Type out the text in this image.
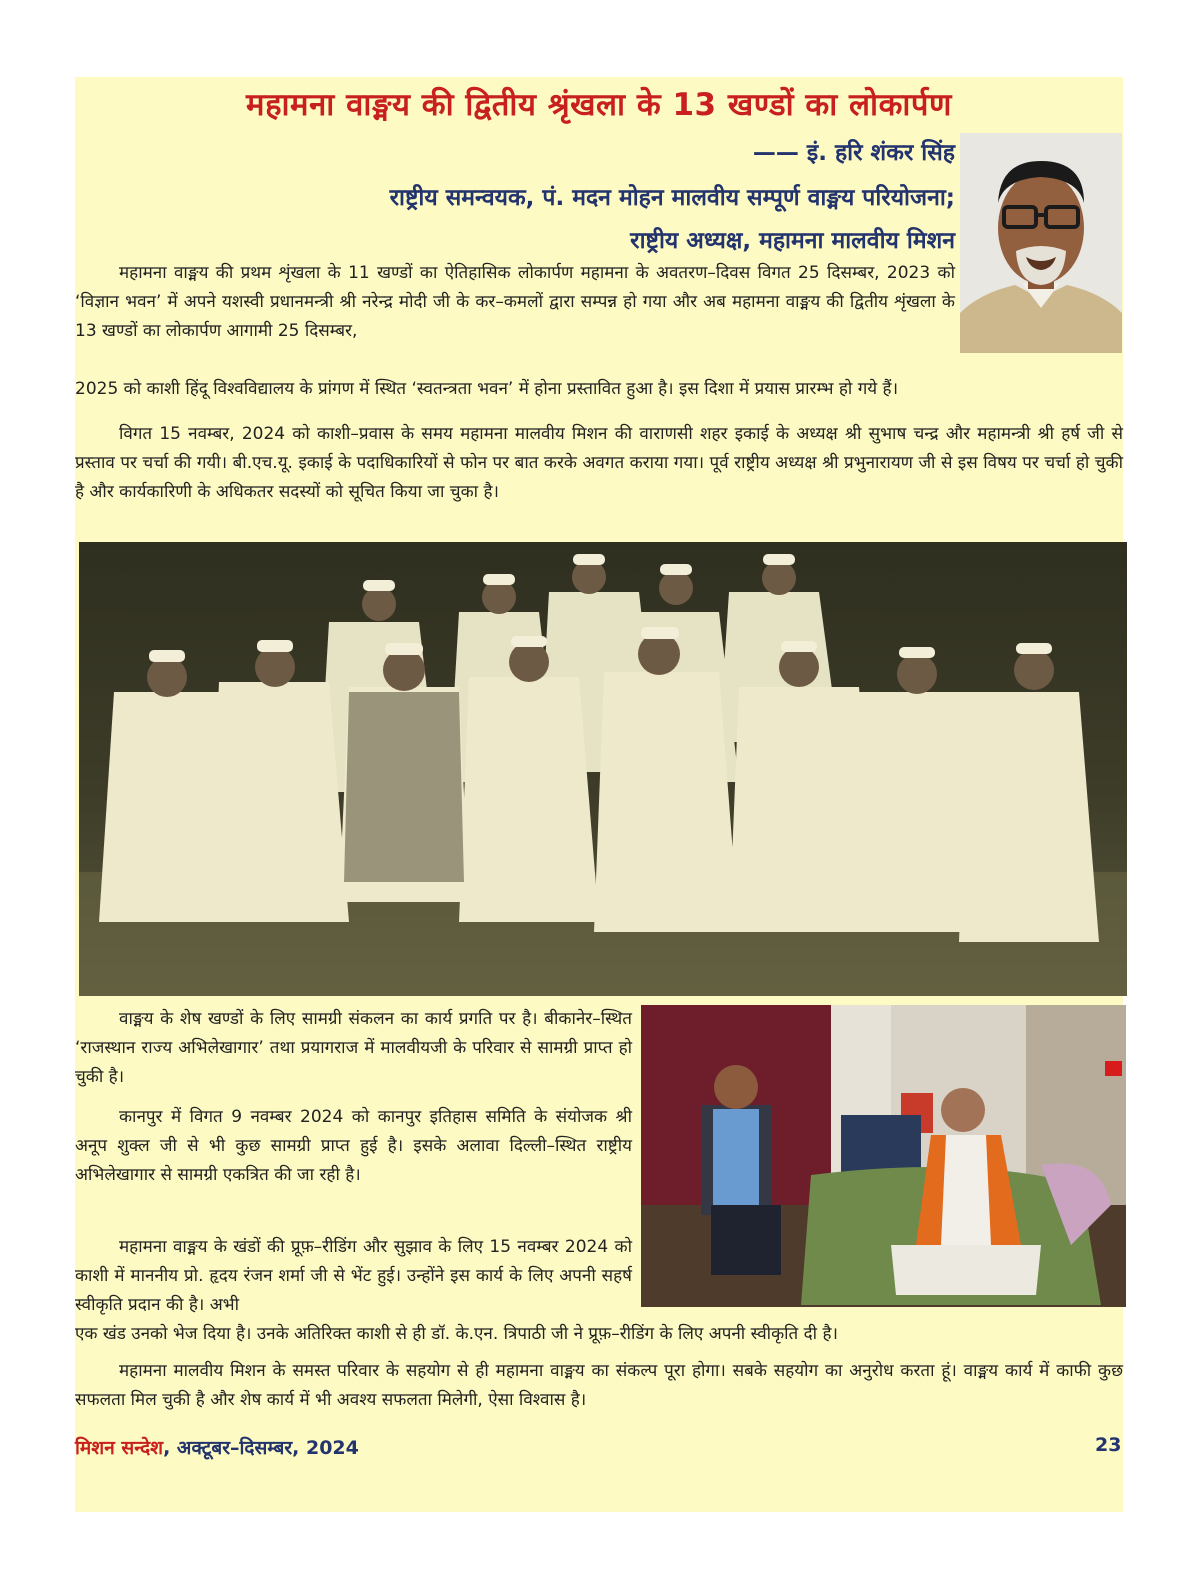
महामना वाङ्मय की द्वितीय श्रृंखला के 13 खण्डों का लोकार्पण
—— इं. हरि शंकर सिंह
राष्ट्रीय समन्वयक, पं. मदन मोहन मालवीय सम्पूर्ण वाङ्मय परियोजना;
राष्ट्रीय अध्यक्ष, महामना मालवीय मिशन

महामना वाङ्मय की प्रथम शृंखला के 11 खण्डों का ऐतिहासिक लोकार्पण महामना के अवतरण–दिवस विगत 25 दिसम्बर, 2023 को ‘विज्ञान भवन’ में अपने यशस्वी प्रधानमन्त्री श्री नरेन्द्र मोदी जी के कर–कमलों द्वारा सम्पन्न हो गया और अब महामना वाङ्मय की द्वितीय शृंखला के 13 खण्डों का लोकार्पण आगामी 25 दिसम्बर,

2025 को काशी हिंदू विश्वविद्यालय के प्रांगण में स्थित ‘स्वतन्त्रता भवन’ में होना प्रस्तावित हुआ है। इस दिशा में प्रयास प्रारम्भ हो गये हैं।

विगत 15 नवम्बर, 2024 को काशी–प्रवास के समय महामना मालवीय मिशन की वाराणसी शहर इकाई के अध्यक्ष श्री सुभाष चन्द्र और महामन्त्री श्री हर्ष जी से प्रस्ताव पर चर्चा की गयी। बी.एच.यू. इकाई के पदाधिकारियों से फोन पर बात करके अवगत कराया गया। पूर्व राष्ट्रीय अध्यक्ष श्री प्रभुनारायण जी से इस विषय पर चर्चा हो चुकी है और कार्यकारिणी के अधिकतर सदस्यों को सूचित किया जा चुका है।

वाङ्मय के शेष खण्डों के लिए सामग्री संकलन का कार्य प्रगति पर है। बीकानेर–स्थित ‘राजस्थान राज्य अभिलेखागार’ तथा प्रयागराज में मालवीयजी के परिवार से सामग्री प्राप्त हो चुकी है।

कानपुर में विगत 9 नवम्बर 2024 को कानपुर इतिहास समिति के संयोजक श्री अनूप शुक्ल जी से भी कुछ सामग्री प्राप्त हुई है। इसके अलावा दिल्ली–स्थित राष्ट्रीय अभिलेखागार से सामग्री एकत्रित की जा रही है।

महामना वाङ्मय के खंडों की प्रूफ़–रीडिंग और सुझाव के लिए 15 नवम्बर 2024 को काशी में माननीय प्रो. हृदय रंजन शर्मा जी से भेंट हुई। उन्होंने इस कार्य के लिए अपनी सहर्ष स्वीकृति प्रदान की है। अभी

एक खंड उनको भेज दिया है। उनके अतिरिक्त काशी से ही डॉ. के.एन. त्रिपाठी जी ने प्रूफ़–रीडिंग के लिए अपनी स्वीकृति दी है।

महामना मालवीय मिशन के समस्त परिवार के सहयोग से ही महामना वाङ्मय का संकल्प पूरा होगा। सबके सहयोग का अनुरोध करता हूं। वाङ्मय कार्य में काफी कुछ सफलता मिल चुकी है और शेष कार्य में भी अवश्य सफलता मिलेगी, ऐसा विश्वास है।

मिशन सन्देश, अक्टूबर–दिसम्बर, 2024	23
